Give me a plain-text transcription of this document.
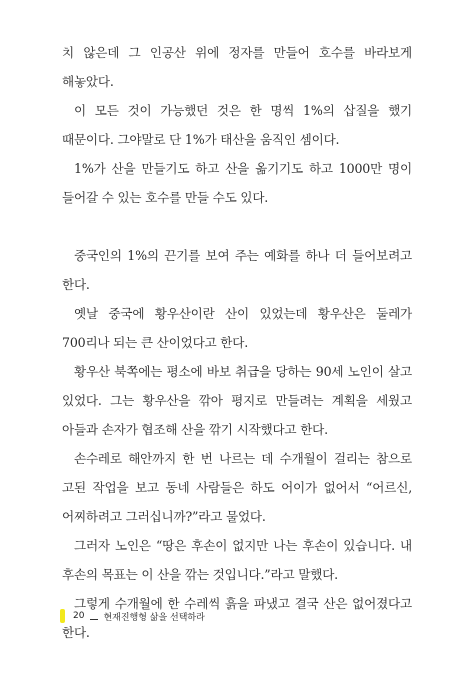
치 않은데 그 인공산 위에 정자를 만들어 호수를 바라보게 해놓았다.

이 모든 것이 가능했던 것은 한 명씩 1%의 삽질을 했기 때문이다. 그야말로 단 1%가 태산을 움직인 셈이다.

1%가 산을 만들기도 하고 산을 옮기기도 하고 1000만 명이 들어갈 수 있는 호수를 만들 수도 있다.

중국인의 1%의 끈기를 보여 주는 예화를 하나 더 들어보려고 한다.

옛날 중국에 황우산이란 산이 있었는데 황우산은 둘레가 700리나 되는 큰 산이었다고 한다.

황우산 북쪽에는 평소에 바보 취급을 당하는 90세 노인이 살고 있었다. 그는 황우산을 깎아 평지로 만들려는 계획을 세웠고 아들과 손자가 협조해 산을 깎기 시작했다고 한다.

손수레로 해안까지 한 번 나르는 데 수개월이 걸리는 참으로 고된 작업을 보고 동네 사람들은 하도 어이가 없어서 “어르신, 어찌하려고 그러십니까?”라고 물었다.

그러자 노인은 “땅은 후손이 없지만 나는 후손이 있습니다. 내 후손의 목표는 이 산을 깎는 것입니다.”라고 말했다.

그렇게 수개월에 한 수레씩 흙을 파냈고 결국 산은 없어졌다고 한다.

20 현재진행형 삶을 선택하라
